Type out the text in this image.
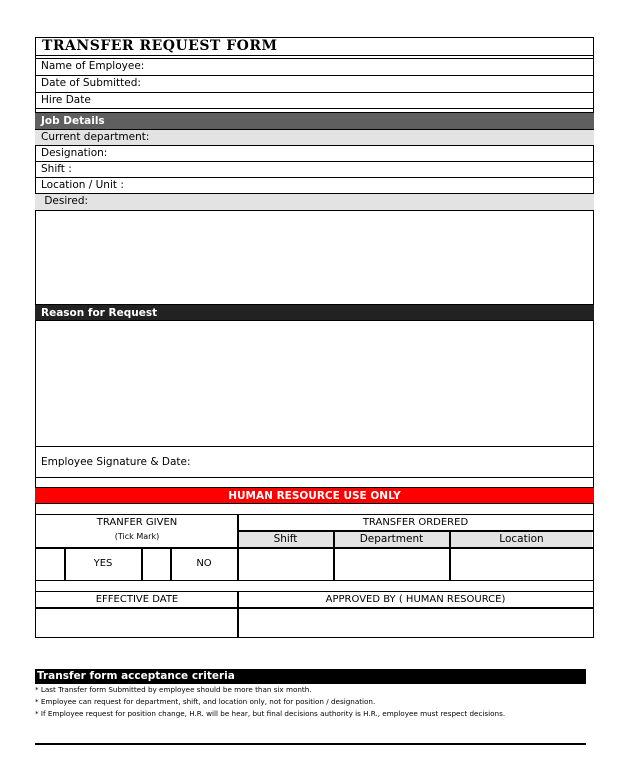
TRANSFER REQUEST FORM
Name of Employee:
Date of Submitted:
Hire Date
Job Details
Current department:
Designation:
Shift :
Location / Unit :
Desired:
Reason for Request
Employee Signature & Date:
HUMAN RESOURCE USE ONLY
TRANFER GIVEN
(Tick Mark)
TRANSFER ORDERED
Shift	Department	Location
YES	NO
EFFECTIVE DATE	APPROVED BY ( HUMAN RESOURCE)
Transfer form acceptance criteria
* Last Transfer form Submitted by employee should be more than six month.
* Employee can request for department, shift, and location only, not for position / designation.
* If Employee request for position change, H.R. will be hear, but final decisions authority is H.R., employee must respect decisions.
